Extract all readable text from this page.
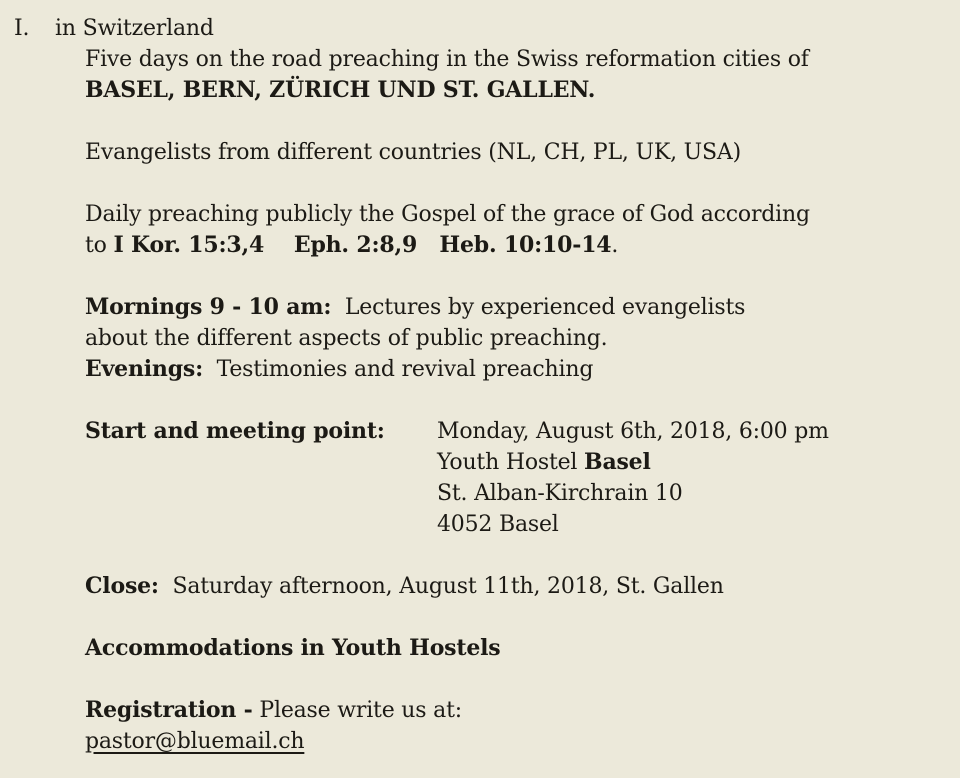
I.	in Switzerland
Five days on the road preaching in the Swiss reformation cities of
BASEL, BERN, ZÜRICH UND ST. GALLEN.
Evangelists from different countries (NL, CH, PL, UK, USA)
Daily preaching publicly the Gospel of the grace of God according
to I Kor. 15:3,4    Eph. 2:8,9   Heb. 10:10-14.
Mornings 9 - 10 am:  Lectures by experienced evangelists
about the different aspects of public preaching.
Evenings:  Testimonies and revival preaching
Start and meeting point:	Monday, August 6th, 2018, 6:00 pm
Youth Hostel Basel
St. Alban-Kirchrain 10
4052 Basel
Close:  Saturday afternoon, August 11th, 2018, St. Gallen
Accommodations in Youth Hostels
Registration - Please write us at:
pastor@bluemail.ch
